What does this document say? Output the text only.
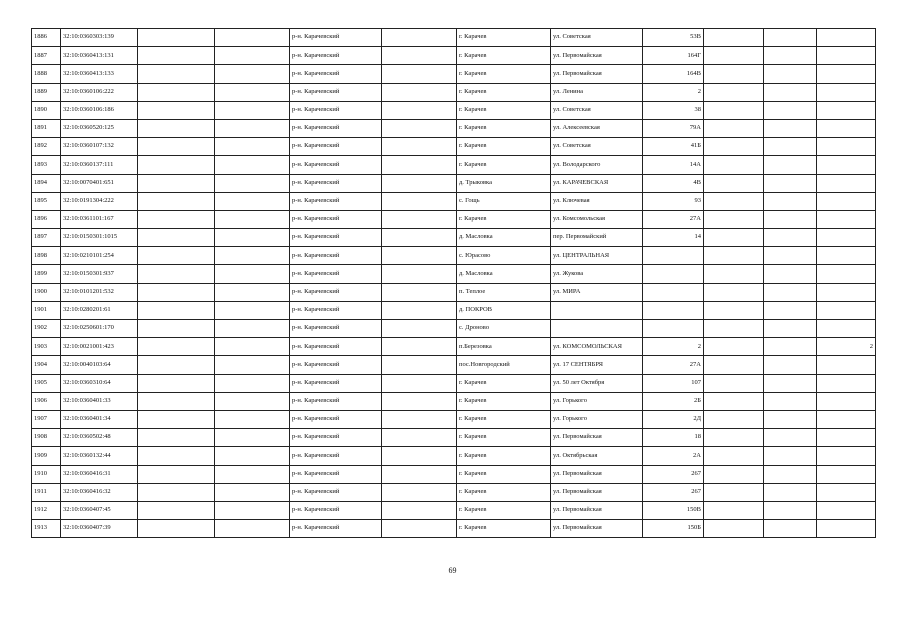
1886	32:10:0360303:139			р-н. Карачевский		г. Карачев	ул. Советская	53В			
1887	32:10:0360413:131			р-н. Карачевский		г. Карачев	ул. Первомайская	164Г			
1888	32:10:0360413:133			р-н. Карачевский		г. Карачев	ул. Первомайская	164В			
1889	32:10:0360106:222			р-н. Карачевский		г. Карачев	ул. Ленина	2			
1890	32:10:0360106:186			р-н. Карачевский		г. Карачев	ул. Советская	38			
1891	32:10:0360520:125			р-н. Карачевский		г. Карачев	ул. Алексеевская	79А			
1892	32:10:0360107:132			р-н. Карачевский		г. Карачев	ул. Советская	41Б			
1893	32:10:0360137:111			р-н. Карачевский		г. Карачев	ул. Володарского	14А			
1894	32:10:0070401:651			р-н. Карачевский		д. Трыковка	ул. КАРАЧЕВСКАЯ	4В			
1895	32:10:0191304:222			р-н. Карачевский		с. Гощь	ул. Ключевая	93			
1896	32:10:0361101:167			р-н. Карачевский		г. Карачев	ул. Комсомольская	27А			
1897	32:10:0150301:1015			р-н. Карачевский		д. Масловка	пер. Первомайский	14			
1898	32:10:0210101:254			р-н. Карачевский		с. Юрасово	ул. ЦЕНТРАЛЬНАЯ				
1899	32:10:0150301:937			р-н. Карачевский		д. Масловка	ул. Жукова				
1900	32:10:0101201:532			р-н. Карачевский		п. Теплое	ул. МИРА				
1901	32:10:0280201:61			р-н. Карачевский		д. ПОКРОВ					
1902	32:10:0250601:170			р-н. Карачевский		с. Дроново					
1903	32:10:0021001:423			р-н. Карачевский		п.Березовка	ул. КОМСОМОЛЬСКАЯ	2			2
1904	32:10:0040103:64			р-н. Карачевский		пос.Новгородский	ул. 17 СЕНТЯБРЯ	27А			
1905	32:10:0360310:64			р-н. Карачевский		г. Карачев	ул. 50 лет Октября	107			
1906	32:10:0360401:33			р-н. Карачевский		г. Карачев	ул. Горького	2Б			
1907	32:10:0360401:34			р-н. Карачевский		г. Карачев	ул. Горького	2Д			
1908	32:10:0360502:48			р-н. Карачевский		г. Карачев	ул. Первомайская	18			
1909	32:10:0360132:44			р-н. Карачевский		г. Карачев	ул. Октябрьская	2А			
1910	32:10:0360416:31			р-н. Карачевский		г. Карачев	ул. Первомайская	267			
1911	32:10:0360416:32			р-н. Карачевский		г. Карачев	ул. Первомайская	267			
1912	32:10:0360407:45			р-н. Карачевский		г. Карачев	ул. Первомайская	150В			
1913	32:10:0360407:39			р-н. Карачевский		г. Карачев	ул. Первомайская	150Б			
69
